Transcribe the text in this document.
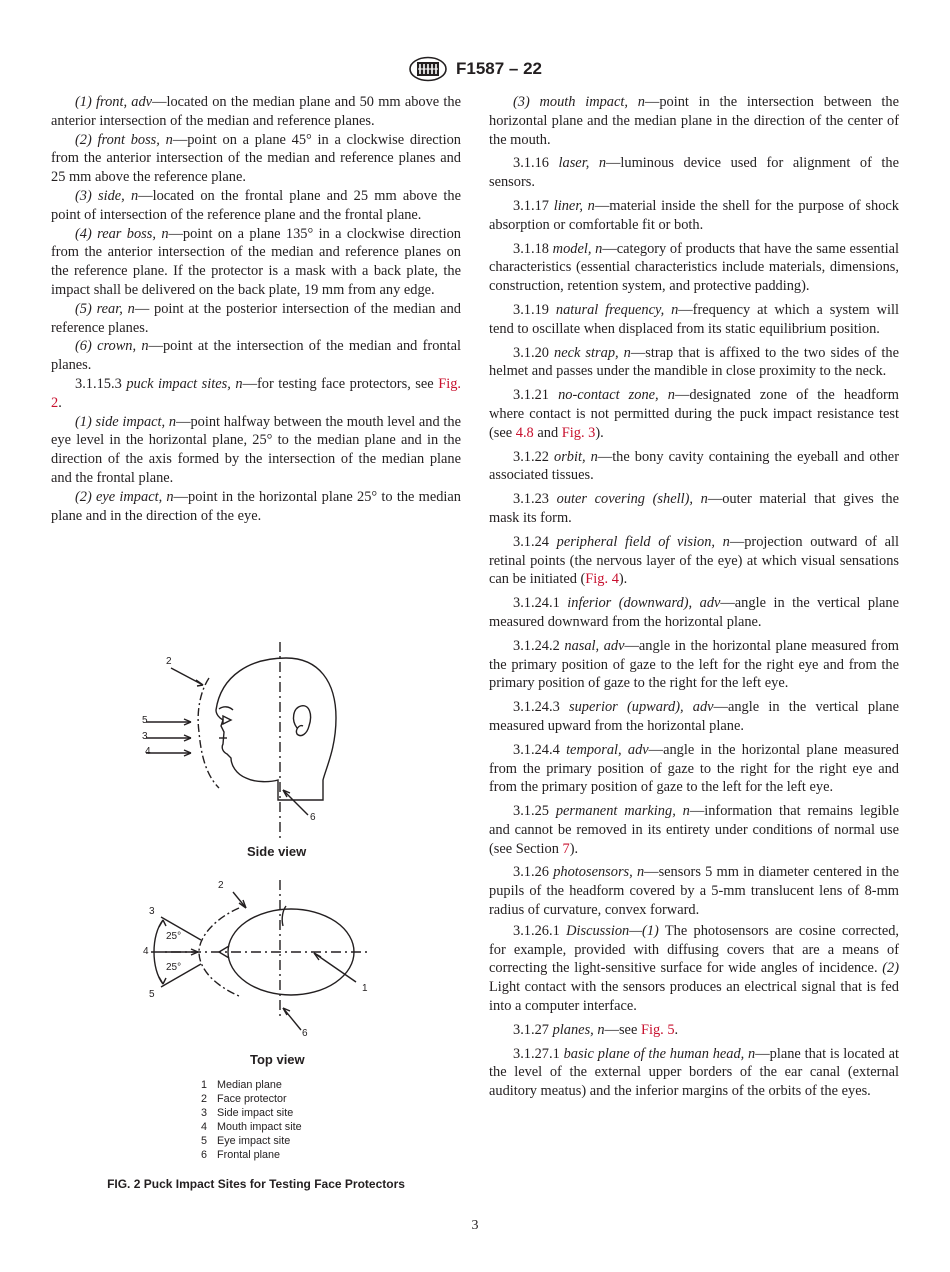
F1587 – 22

(1) front, adv—located on the median plane and 50 mm above the anterior intersection of the median and reference planes.

(2) front boss, n—point on a plane 45° in a clockwise direction from the anterior intersection of the median and reference planes and 25 mm above the reference plane.

(3) side, n—located on the frontal plane and 25 mm above the point of intersection of the reference plane and the frontal plane.

(4) rear boss, n—point on a plane 135° in a clockwise direction from the anterior intersection of the median and reference planes on the reference plane. If the protector is a mask with a back plate, the impact shall be delivered on the back plate, 19 mm from any edge.

(5) rear, n— point at the posterior intersection of the median and reference planes.

(6) crown, n—point at the intersection of the median and frontal planes.

3.1.15.3 puck impact sites, n—for testing face protectors, see Fig. 2.

(1) side impact, n—point halfway between the mouth level and the eye level in the horizontal plane, 25° to the median plane and in the direction of the axis formed by the intersection of the median plane and the frontal plane.

(2) eye impact, n—point in the horizontal plane 25° to the median plane and in the direction of the eye.

2
5
3
4
6
Side view
2
3
4
5
1
6
25°
25°
Top view
1 Median plane
2 Face protector
3 Side impact site
4 Mouth impact site
5 Eye impact site
6 Frontal plane
FIG. 2 Puck Impact Sites for Testing Face Protectors

(3) mouth impact, n—point in the intersection between the horizontal plane and the median plane in the direction of the center of the mouth.

3.1.16 laser, n—luminous device used for alignment of the sensors.

3.1.17 liner, n—material inside the shell for the purpose of shock absorption or comfortable fit or both.

3.1.18 model, n—category of products that have the same essential characteristics (essential characteristics include materials, dimensions, construction, retention system, and protective padding).

3.1.19 natural frequency, n—frequency at which a system will tend to oscillate when displaced from its static equilibrium position.

3.1.20 neck strap, n—strap that is affixed to the two sides of the helmet and passes under the mandible in close proximity to the neck.

3.1.21 no-contact zone, n—designated zone of the headform where contact is not permitted during the puck impact resistance test (see 4.8 and Fig. 3).

3.1.22 orbit, n—the bony cavity containing the eyeball and other associated tissues.

3.1.23 outer covering (shell), n—outer material that gives the mask its form.

3.1.24 peripheral field of vision, n—projection outward of all retinal points (the nervous layer of the eye) at which visual sensations can be initiated (Fig. 4).

3.1.24.1 inferior (downward), adv—angle in the vertical plane measured downward from the horizontal plane.

3.1.24.2 nasal, adv—angle in the horizontal plane measured from the primary position of gaze to the left for the right eye and from the primary position of gaze to the right for the left eye.

3.1.24.3 superior (upward), adv—angle in the vertical plane measured upward from the horizontal plane.

3.1.24.4 temporal, adv—angle in the horizontal plane measured from the primary position of gaze to the right for the right eye and from the primary position of gaze to the left for the left eye.

3.1.25 permanent marking, n—information that remains legible and cannot be removed in its entirety under conditions of normal use (see Section 7).

3.1.26 photosensors, n—sensors 5 mm in diameter centered in the pupils of the headform covered by a 5-mm translucent lens of 8-mm radius of curvature, convex forward.

3.1.26.1 Discussion—(1) The photosensors are cosine corrected, for example, provided with diffusing covers that are a means of correcting the light-sensitive surface for wide angles of incidence. (2) Light contact with the sensors produces an electrical signal that is fed into a computer interface.

3.1.27 planes, n—see Fig. 5.

3.1.27.1 basic plane of the human head, n—plane that is located at the level of the external upper borders of the ear canal (external auditory meatus) and the inferior margins of the orbits of the eyes.

3
